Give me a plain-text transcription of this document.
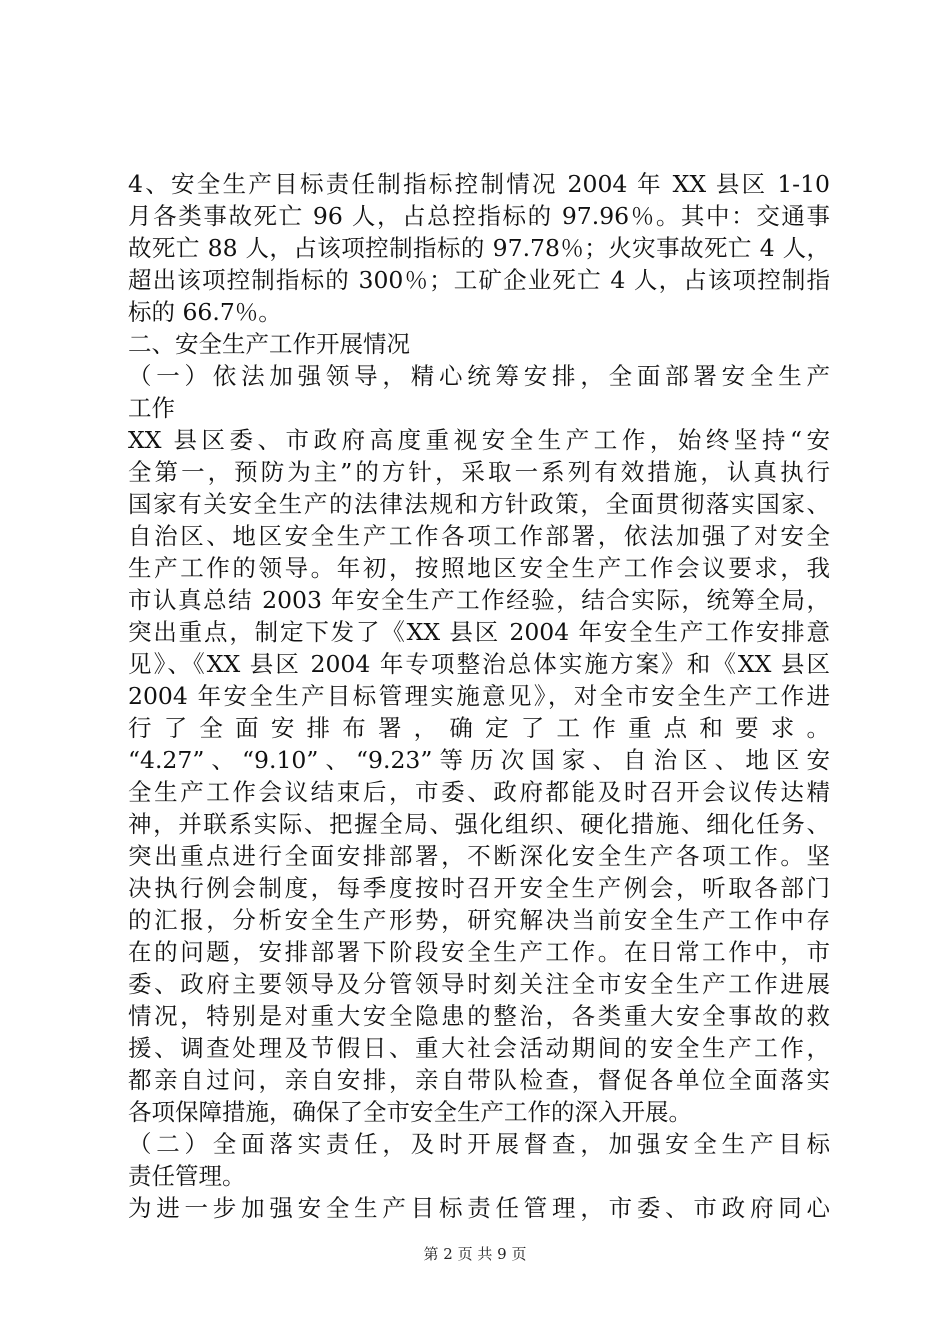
4、安全生产目标责任制指标控制情况 2004 年 XX 县区 1-10
月各类事故死亡 96 人，占总控指标的 97.96％。其中：交通事
故死亡 88 人，占该项控制指标的 97.78％；火灾事故死亡 4 人，
超出该项控制指标的 300％；工矿企业死亡 4 人，占该项控制指
标的 66.7％。
二、安全生产工作开展情况
（一）依法加强领导，精心统筹安排，全面部署安全生产
工作
XX 县区委、市政府高度重视安全生产工作，始终坚持“安
全第一，预防为主”的方针，采取一系列有效措施，认真执行
国家有关安全生产的法律法规和方针政策，全面贯彻落实国家、
自治区、地区安全生产工作各项工作部署，依法加强了对安全
生产工作的领导。年初，按照地区安全生产工作会议要求，我
市认真总结 2003 年安全生产工作经验，结合实际，统筹全局，
突出重点，制定下发了《XX 县区 2004 年安全生产工作安排意
见》、《XX 县区 2004 年专项整治总体实施方案》和《XX 县区
2004 年安全生产目标管理实施意见》，对全市安全生产工作进
行 了 全 面 安 排 布 署 ， 确 定 了 工 作 重 点 和 要 求 。
“4.27”、“9.10”、“9.23”等历次国家、自治区、地区安
全生产工作会议结束后，市委、政府都能及时召开会议传达精
神，并联系实际、把握全局、强化组织、硬化措施、细化任务、
突出重点进行全面安排部署，不断深化安全生产各项工作。坚
决执行例会制度，每季度按时召开安全生产例会，听取各部门
的汇报，分析安全生产形势，研究解决当前安全生产工作中存
在的问题，安排部署下阶段安全生产工作。在日常工作中，市
委、政府主要领导及分管领导时刻关注全市安全生产工作进展
情况，特别是对重大安全隐患的整治，各类重大安全事故的救
援、调查处理及节假日、重大社会活动期间的安全生产工作，
都亲自过问，亲自安排，亲自带队检查，督促各单位全面落实
各项保障措施，确保了全市安全生产工作的深入开展。
（二）全面落实责任，及时开展督查，加强安全生产目标
责任管理。
为进一步加强安全生产目标责任管理，市委、市政府同心
第 2 页 共 9 页
